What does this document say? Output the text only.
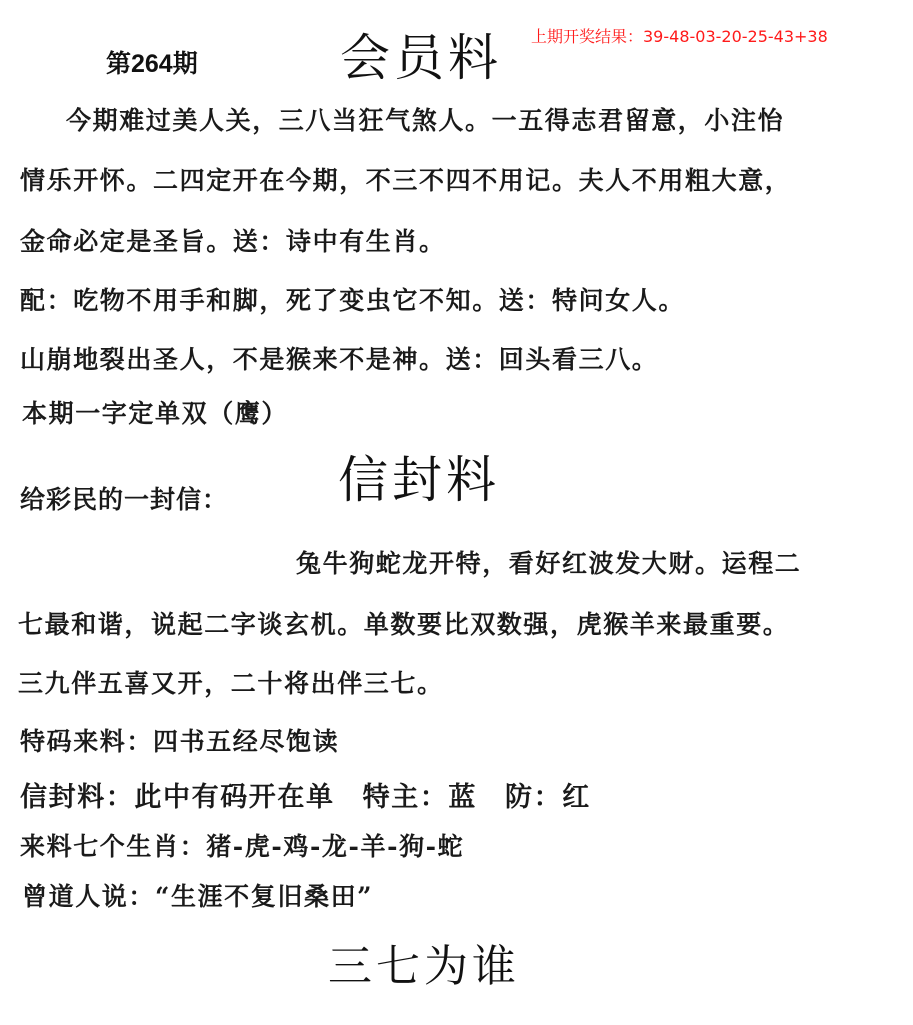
第264期	会员料 上期开奖结果：39-48-03-20-25-43+38
今期难过美人关，三八当狂气煞人。一五得志君留意，小注怡
情乐开怀。二四定开在今期，不三不四不用记。夫人不用粗大意，
金命必定是圣旨。送：诗中有生肖。
配：吃物不用手和脚，死了变虫它不知。送：特问女人。
山崩地裂出圣人，不是猴来不是神。送：回头看三八。
本期一字定单双（鹰）
信封料
给彩民的一封信：
兔牛狗蛇龙开特，看好红波发大财。运程二
七最和谐，说起二字谈玄机。单数要比双数强，虎猴羊来最重要。
三九伴五喜又开，二十将出伴三七。
特码来料：四书五经尽饱读
信封料：此中有码开在单 特主：蓝 防：红
来料七个生肖：猪-虎-鸡-龙-羊-狗-蛇
曾道人说：“生涯不复旧桑田”
三七为谁
